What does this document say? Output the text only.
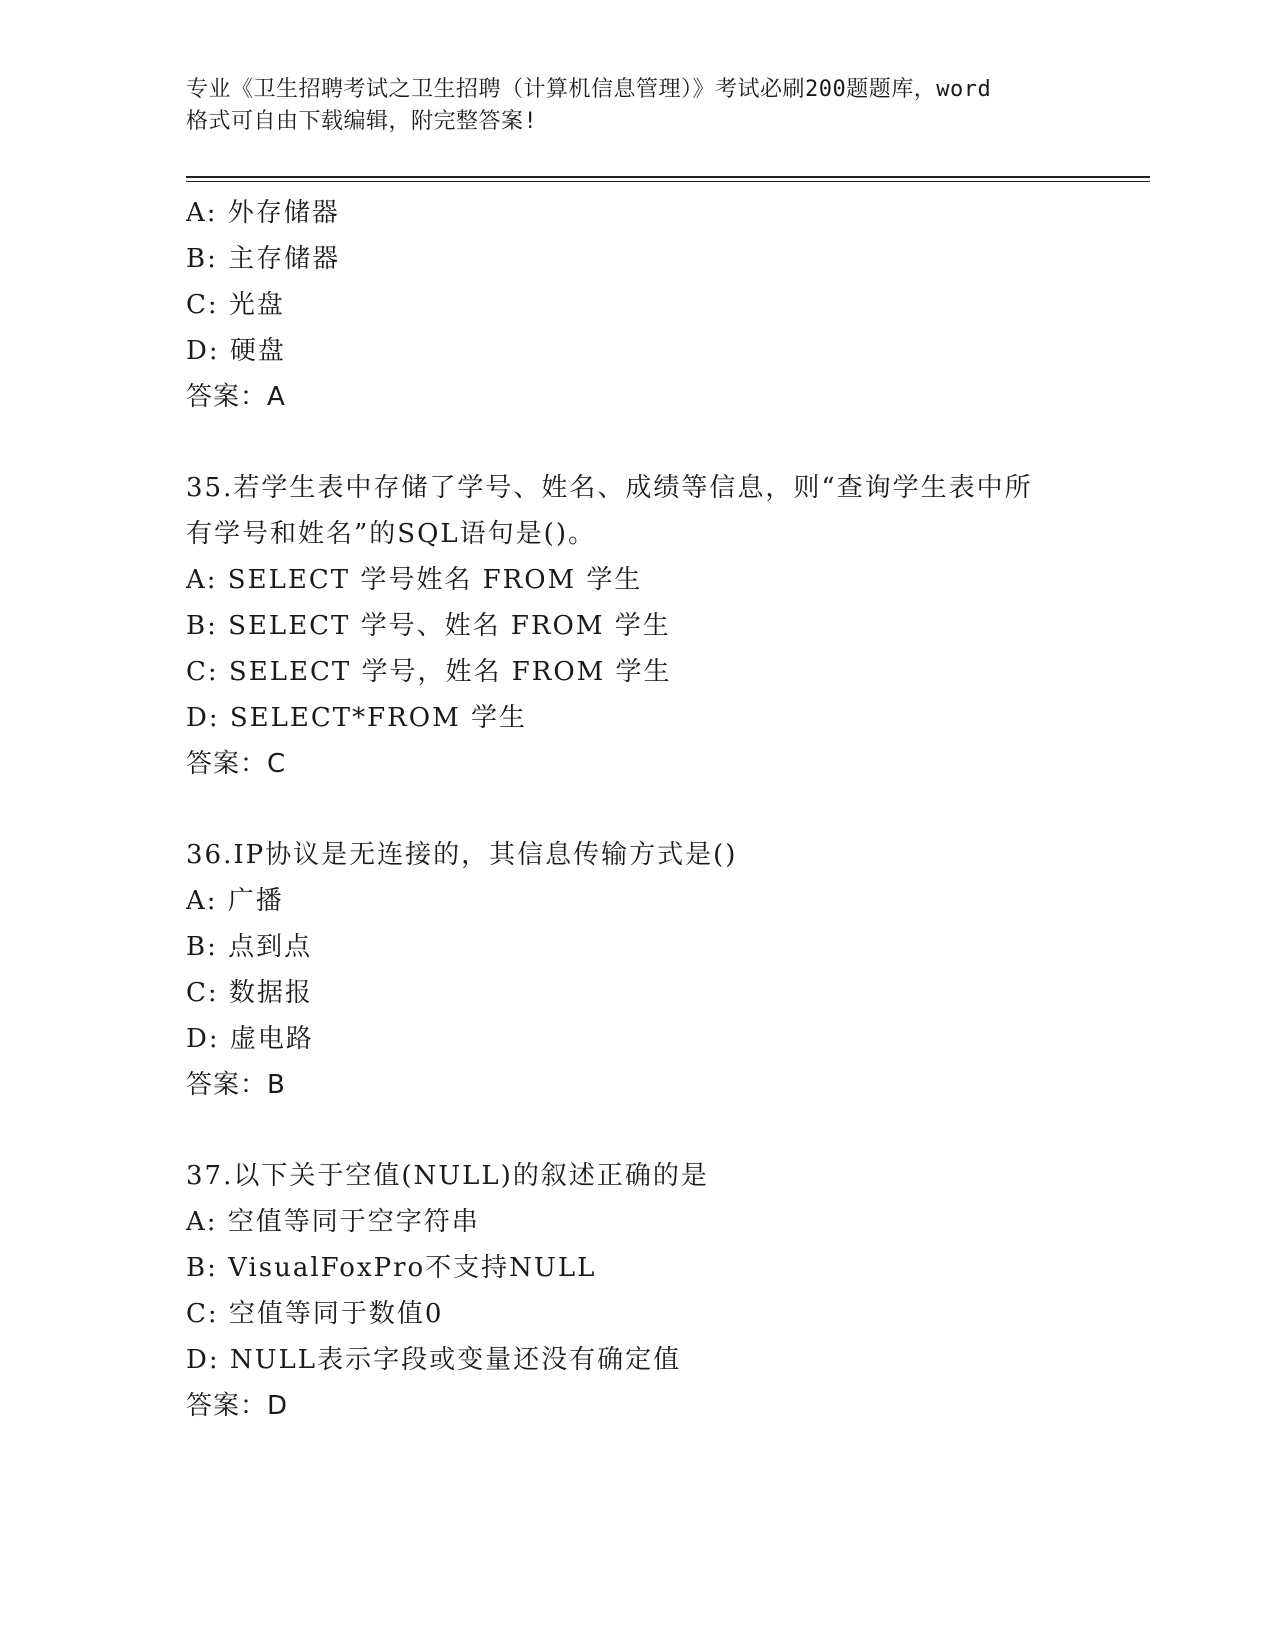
专业《卫生招聘考试之卫生招聘（计算机信息管理）》考试必刷200题题库，word
格式可自由下载编辑，附完整答案!
A: 外存储器
B: 主存储器
C: 光盘
D: 硬盘
答案：A
35.若学生表中存储了学号、姓名、成绩等信息，则“查询学生表中所
有学号和姓名”的SQL语句是()。
A: SELECT 学号姓名 FROM 学生
B: SELECT 学号、姓名 FROM 学生
C: SELECT 学号，姓名 FROM 学生
D: SELECT*FROM 学生
答案：C
36.IP协议是无连接的，其信息传输方式是()
A: 广播
B: 点到点
C: 数据报
D: 虚电路
答案：B
37.以下关于空值(NULL)的叙述正确的是
A: 空值等同于空字符串
B: VisualFoxPro不支持NULL
C: 空值等同于数值0
D: NULL表示字段或变量还没有确定值
答案：D
